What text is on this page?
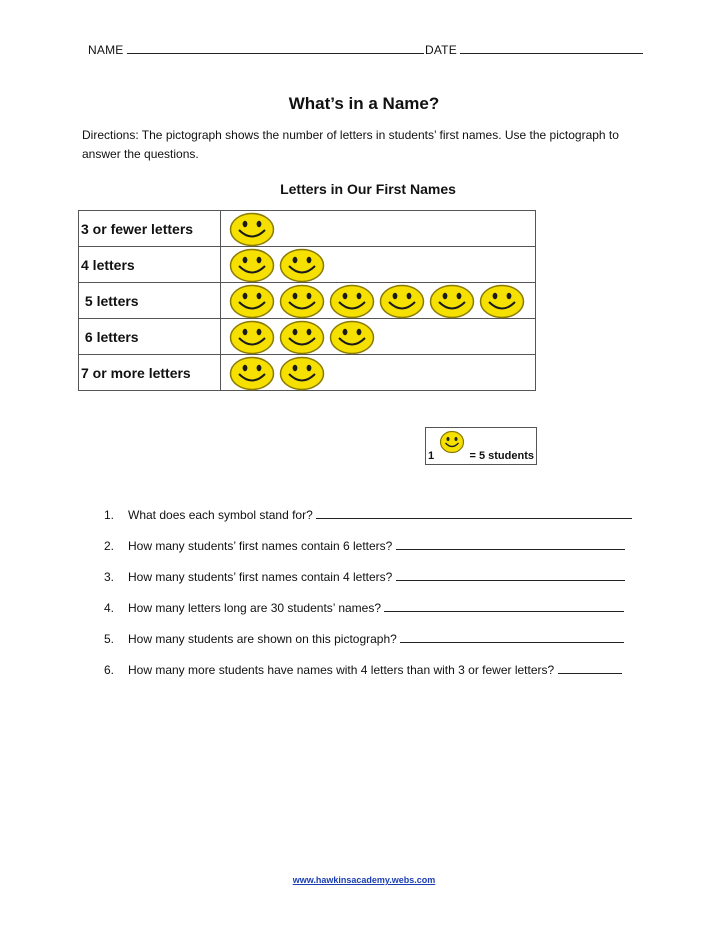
NAME	DATE
What’s in a Name?
Directions: The pictograph shows the number of letters in students’ first names. Use the pictograph to answer the questions.
Letters in Our First Names
3 or fewer letters	

4 letters	

5 letters	

6 letters	

7 or more letters	
1	= 5 students
1. What does each symbol stand for?
2. How many students’ first names contain 6 letters?
3. How many students’ first names contain 4 letters?
4. How many letters long are 30 students’ names?
5. How many students are shown on this pictograph?
6. How many more students have names with 4 letters than with 3 or fewer letters?
www.hawkinsacademy.webs.com
